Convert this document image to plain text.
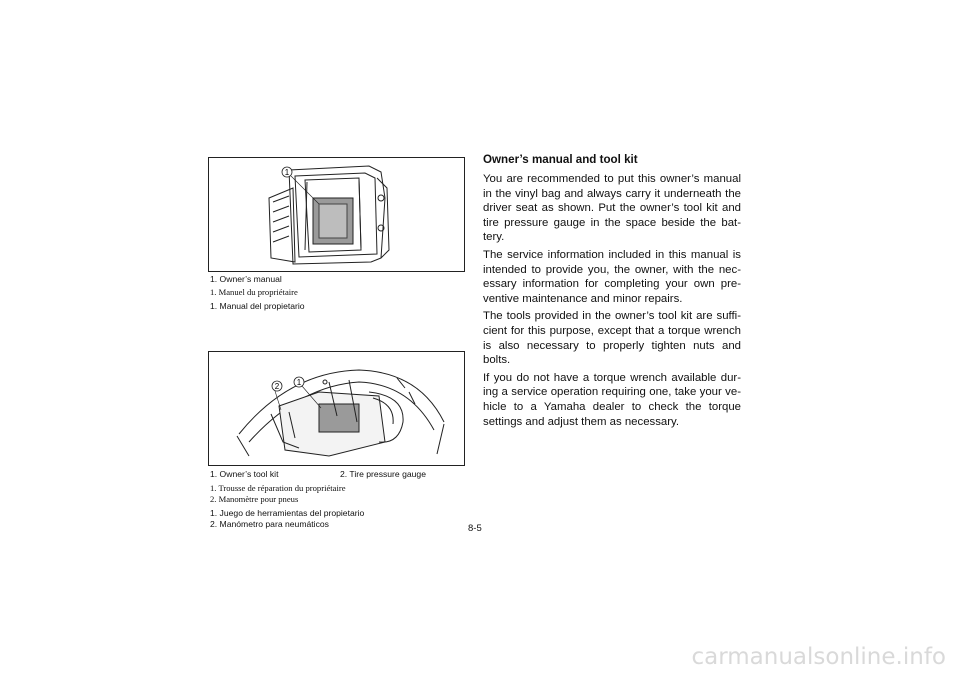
1
1. Owner’s manual
1. Manuel du propriétaire
1. Manual del propietario
2 1
1. Owner’s tool kit	2. Tire pressure gauge
1. Trousse de réparation du propriétaire
2. Manomètre pour pneus
1. Juego de herramientas del propietario
2. Manómetro para neumáticos
Owner’s manual and tool kit

You are recommended to put this owner’s manual in the vinyl bag and always carry it underneath the driver seat as shown. Put the owner’s tool kit and tire pressure gauge in the space beside the bat-tery.

The service information included in this manual is intended to provide you, the owner, with the nec-essary information for completing your own pre-ventive maintenance and minor repairs.

The tools provided in the owner’s tool kit are suffi-cient for this purpose, except that a torque wrench is also necessary to properly tighten nuts and bolts.

If you do not have a torque wrench available dur-ing a service operation requiring one, take your ve-hicle to a Yamaha dealer to check the torque settings and adjust them as necessary.

8-5
carmanualsonline.info
